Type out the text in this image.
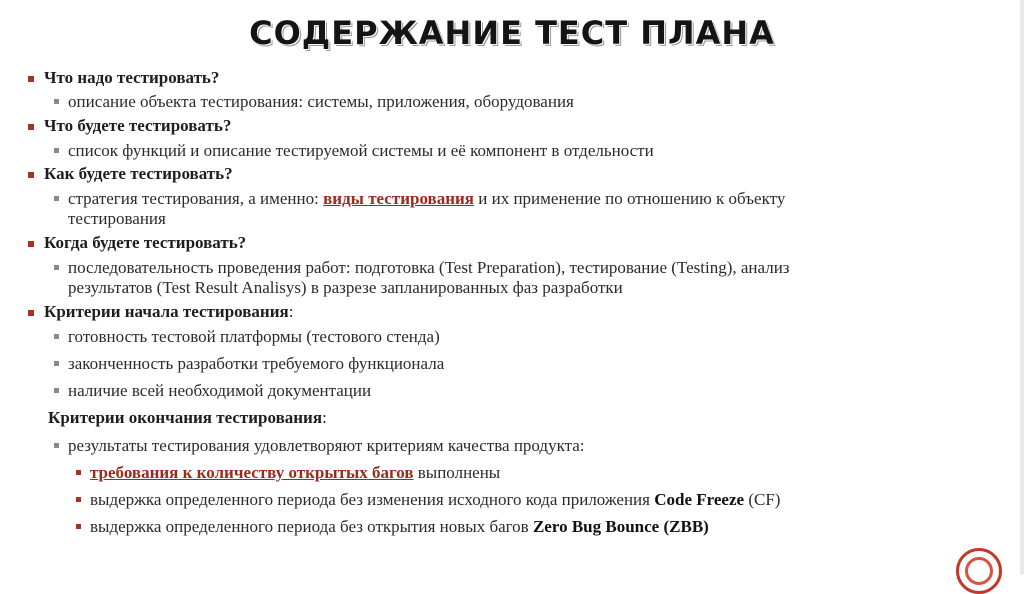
СОДЕРЖАНИЕ ТЕСТ ПЛАНА
Что надо тестировать?
описание объекта тестирования: системы, приложения, оборудования
Что будете тестировать?
список функций и описание тестируемой системы и её компонент в отдельности
Как будете тестировать?
стратегия тестирования, а именно: виды тестирования и их применение по отношению к объекту
тестирования
Когда будете тестировать?
последовательность проведения работ: подготовка (Test Preparation), тестирование (Testing), анализ
результатов (Test Result Analisys) в разрезе запланированных фаз разработки
Критерии начала тестирования:
готовность тестовой платформы (тестового стенда)
законченность разработки требуемого функционала
наличие всей необходимой документации
Критерии окончания тестирования:
результаты тестирования удовлетворяют критериям качества продукта:
требования к количеству открытых багов выполнены
выдержка определенного периода без изменения исходного кода приложения Code Freeze (CF)
выдержка определенного периода без открытия новых багов Zero Bug Bounce (ZBB)
